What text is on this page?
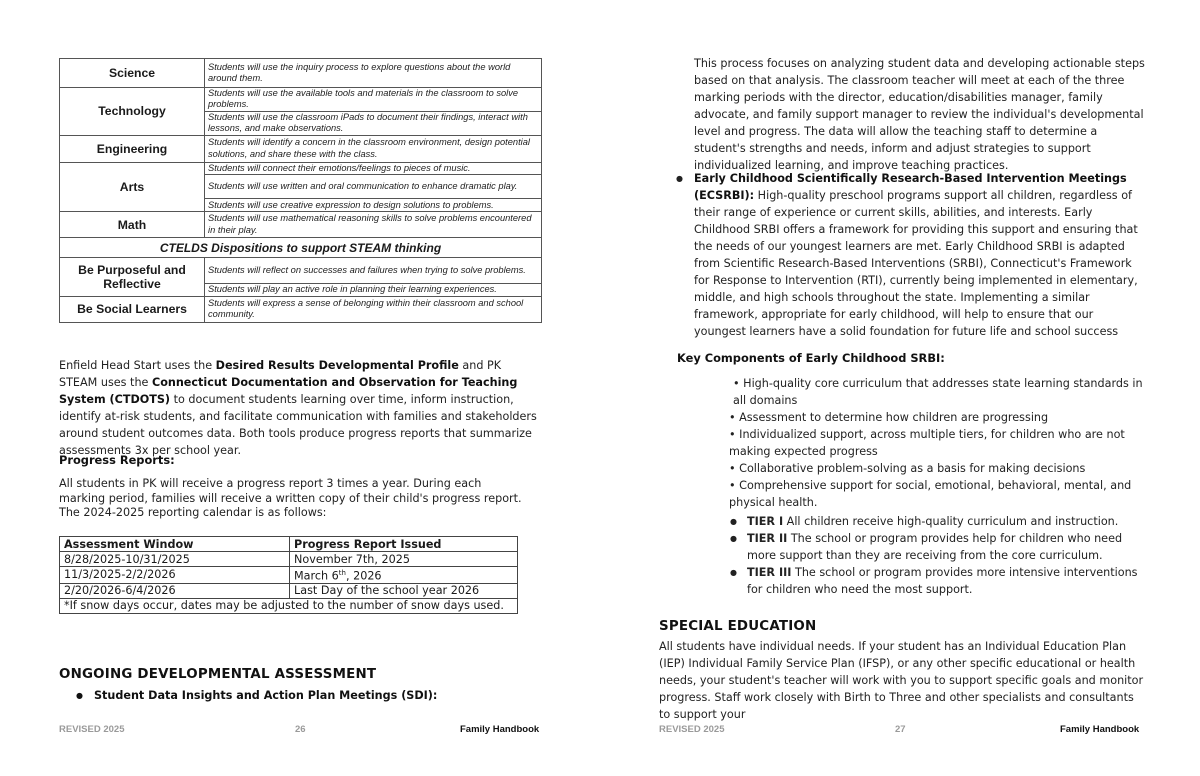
Science	Students will use the inquiry process to explore questions about the world around them.
Technology	Students will use the available tools and materials in the classroom to solve problems.
	Students will use the classroom iPads to document their findings, interact with lessons, and make observations.
Engineering	Students will identify a concern in the classroom environment, design potential solutions, and share these with the class.
Arts	Students will connect their emotions/feelings to pieces of music.
	Students will use written and oral communication to enhance dramatic play.
	Students will use creative expression to design solutions to problems.
Math	Students will use mathematical reasoning skills to solve problems encountered in their play.
CTELDS Dispositions to support STEAM thinking	
Be Purposeful and Reflective	Students will reflect on successes and failures when trying to solve problems.
	Students will play an active role in planning their learning experiences.
Be Social Learners	Students will express a sense of belonging within their classroom and school community.

Enfield Head Start uses the Desired Results Developmental Profile and PK STEAM uses the Connecticut Documentation and Observation for Teaching System (CTDOTS) to document students learning over time, inform instruction, identify at-risk students, and facilitate communication with families and stakeholders around student outcomes data. Both tools produce progress reports that summarize assessments 3x per school year.

Progress Reports:

All students in PK will receive a progress report 3 times a year. During each marking period, families will receive a written copy of their child's progress report. The 2024-2025 reporting calendar is as follows:

Assessment Window	Progress Report Issued
8/28/2025-10/31/2025	November 7th, 2025
11/3/2025-2/2/2026	March 6th, 2026
2/20/2026-6/4/2026	Last Day of the school year 2026
*If snow days occur, dates may be adjusted to the number of snow days used.	
ONGOING DEVELOPMENTAL ASSESSMENT
● Student Data Insights and Action Plan Meetings (SDI):
REVISED 2025	26	Family Handbook

This process focuses on analyzing student data and developing actionable steps based on that analysis. The classroom teacher will meet at each of the three marking periods with the director, education/disabilities manager, family advocate, and family support manager to review the individual's developmental level and progress. The data will allow the teaching staff to determine a student's strengths and needs, inform and adjust strategies to support individualized learning, and improve teaching practices.

● Early Childhood Scientifically Research-Based Intervention Meetings (ECSRBI): High-quality preschool programs support all children, regardless of their range of experience or current skills, abilities, and interests. Early Childhood SRBI offers a framework for providing this support and ensuring that the needs of our youngest learners are met. Early Childhood SRBI is adapted from Scientific Research-Based Interventions (SRBI), Connecticut's Framework for Response to Intervention (RTI), currently being implemented in elementary, middle, and high schools throughout the state. Implementing a similar framework, appropriate for early childhood, will help to ensure that our youngest learners have a solid foundation for future life and school success
Key Components of Early Childhood SRBI:
• High-quality core curriculum that addresses state learning standards in all domains
• Assessment to determine how children are progressing
• Individualized support, across multiple tiers, for children who are not making expected progress
• Collaborative problem-solving as a basis for making decisions
• Comprehensive support for social, emotional, behavioral, mental, and physical health.
● TIER I All children receive high-quality curriculum and instruction.
● TIER II The school or program provides help for children who need more support than they are receiving from the core curriculum.
● TIER III The school or program provides more intensive interventions for children who need the most support.
SPECIAL EDUCATION

All students have individual needs. If your student has an Individual Education Plan (IEP) Individual Family Service Plan (IFSP), or any other specific educational or health needs, your student's teacher will work with you to support specific goals and monitor progress. Staff work closely with Birth to Three and other specialists and consultants to support your

REVISED 2025	27	Family Handbook
